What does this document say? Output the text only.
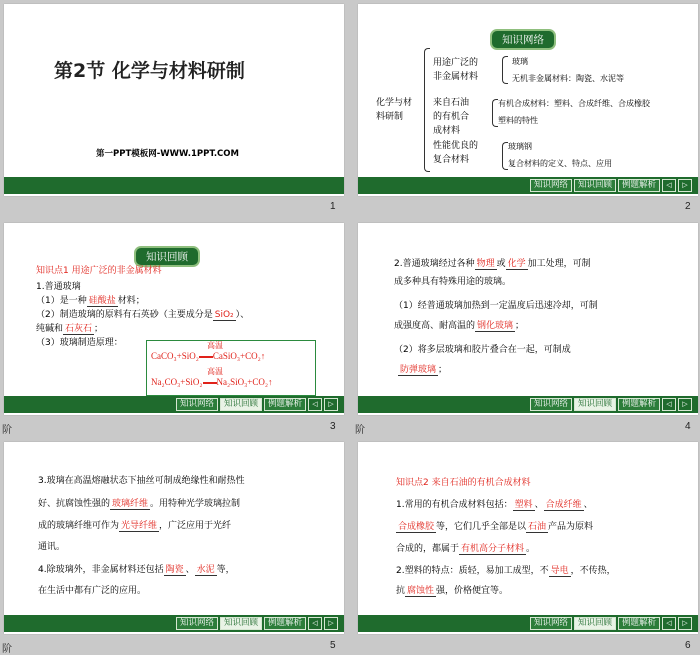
第2节 化学与材料研制
第一PPT模板网-WWW.1PPT.COM
1
知识网络
化学与材
料研制
用途广泛的
非金属材料
玻璃
无机非金属材料：陶瓷、水泥等
来自石油
的有机合
成材料
有机合成材料：塑料、合成纤维、合成橡胶
塑料的特性
性能优良的
复合材料
玻璃钢
复合材料的定义、特点、应用
知识网络	知识回顾	例题解析	◁	▷
2
知识回顾
知识点1 用途广泛的非金属材料
1.普通玻璃
（1）是一种 硅酸盐 材料；
（2）制造玻璃的原料有石英砂（主要成分是 SiO₂ ）、
纯碱和 石灰石 ；
（3）玻璃制造原理：	高温
CaCO₃+SiO₂ CaSiO₃+CO₂↑
高温
Na₂CO₃+SiO₂ Na₂SiO₃+CO₂↑
知识网络	知识回顾	例题解析	◁	▷
阶	3
2.普通玻璃经过各种 物理 或 化学 加工处理，可制
成多种具有特殊用途的玻璃。
（1）经普通玻璃加热到一定温度后迅速冷却，可制
成强度高、耐高温的 钢化玻璃 ；
（2）将多层玻璃和胶片叠合在一起，可制成
防弹玻璃 ；
知识网络	知识回顾	例题解析	◁	▷
阶	4
3.玻璃在高温熔融状态下抽丝可制成绝缘性和耐热性
好、抗腐蚀性强的 玻璃纤维 。用特种光学玻璃拉制
成的玻璃纤维可作为 光导纤维 ，广泛应用于光纤
通讯。
4.除玻璃外，非金属材料还包括 陶瓷 、 水泥 等，
在生活中都有广泛的应用。
知识网络	知识回顾	例题解析	◁	▷
阶	5
知识点2 来自石油的有机合成材料
1.常用的有机合成材料包括： 塑料 、 合成纤维 、
合成橡胶 等，它们几乎全部是以 石油 产品为原料
合成的，都属于 有机高分子材料 。
2.塑料的特点：质轻，易加工成型，不 导电 ，不传热，
抗 腐蚀性 强，价格便宜等。
知识网络	知识回顾	例题解析	◁	▷
6
